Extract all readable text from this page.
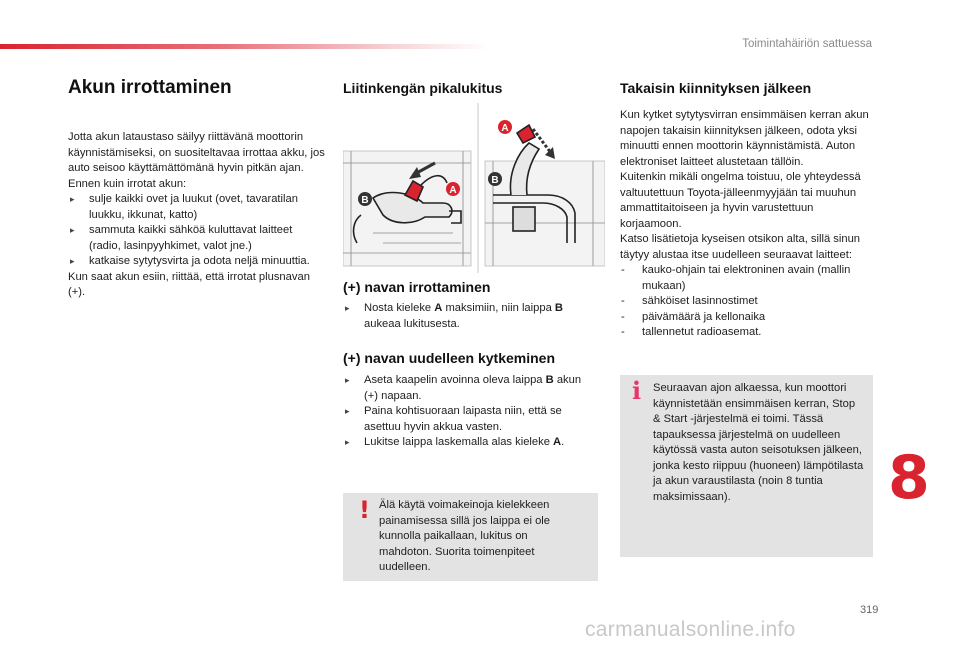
Toimintahäiriön sattuessa
Akun irrottaminen

Jotta akun lataustaso säilyy riittävänä moottorin käynnistämiseksi, on suositeltavaa irrottaa akku, jos auto seisoo käyttämättömänä hyvin pitkän ajan.

Ennen kuin irrotat akun:

▸ sulje kaikki ovet ja luukut (ovet, tavaratilan luukku, ikkunat, katto)
▸ sammuta kaikki sähköä kuluttavat laitteet (radio, lasinpyyhkimet, valot jne.)
▸ katkaise sytytysvirta ja odota neljä minuuttia.

Kun saat akun esiin, riittää, että irrotat plusnavan (+).

Liitinkengän pikalukitus
B
A
A
B
(+) navan irrottaminen
▸ Nosta kieleke A maksimiin, niin laippa B aukeaa lukitusesta.
(+) navan uudelleen kytkeminen
▸ Aseta kaapelin avoinna oleva laippa B akun (+) napaan.
▸ Paina kohtisuoraan laipasta niin, että se asettuu hyvin akkua vasten.
▸ Lukitse laippa laskemalla alas kieleke A.
! Älä käytä voimakeinoja kielekkeen painamisessa sillä jos laippa ei ole kunnolla paikallaan, lukitus on mahdoton. Suorita toimenpiteet uudelleen.

Takaisin kiinnityksen jälkeen

Kun kytket sytytysvirran ensimmäisen kerran akun napojen takaisin kiinnityksen jälkeen, odota yksi minuutti ennen moottorin käynnistämistä. Auton elektroniset laitteet alustetaan tällöin.

Kuitenkin mikäli ongelma toistuu, ole yhteydessä valtuutettuun Toyota-jälleenmyyjään tai muuhun ammattitaitoiseen ja hyvin varustettuun korjaamoon.

Katso lisätietoja kyseisen otsikon alta, sillä sinun täytyy alustaa itse uudelleen seuraavat laitteet:

- kauko-ohjain tai elektroninen avain (mallin mukaan)
- sähköiset lasinnostimet
- päivämäärä ja kellonaika
- tallennetut radioasemat.
i Seuraavan ajon alkaessa, kun moottori käynnistetään ensimmäisen kerran, Stop & Start -järjestelmä ei toimi. Tässä tapauksessa järjestelmä on uudelleen käytössä vasta auton seisotuksen jälkeen, jonka kesto riippuu (huoneen) lämpötilasta ja akun varaustilasta (noin 8 tuntia maksimissaan).	8
319
carmanualsonline.info
